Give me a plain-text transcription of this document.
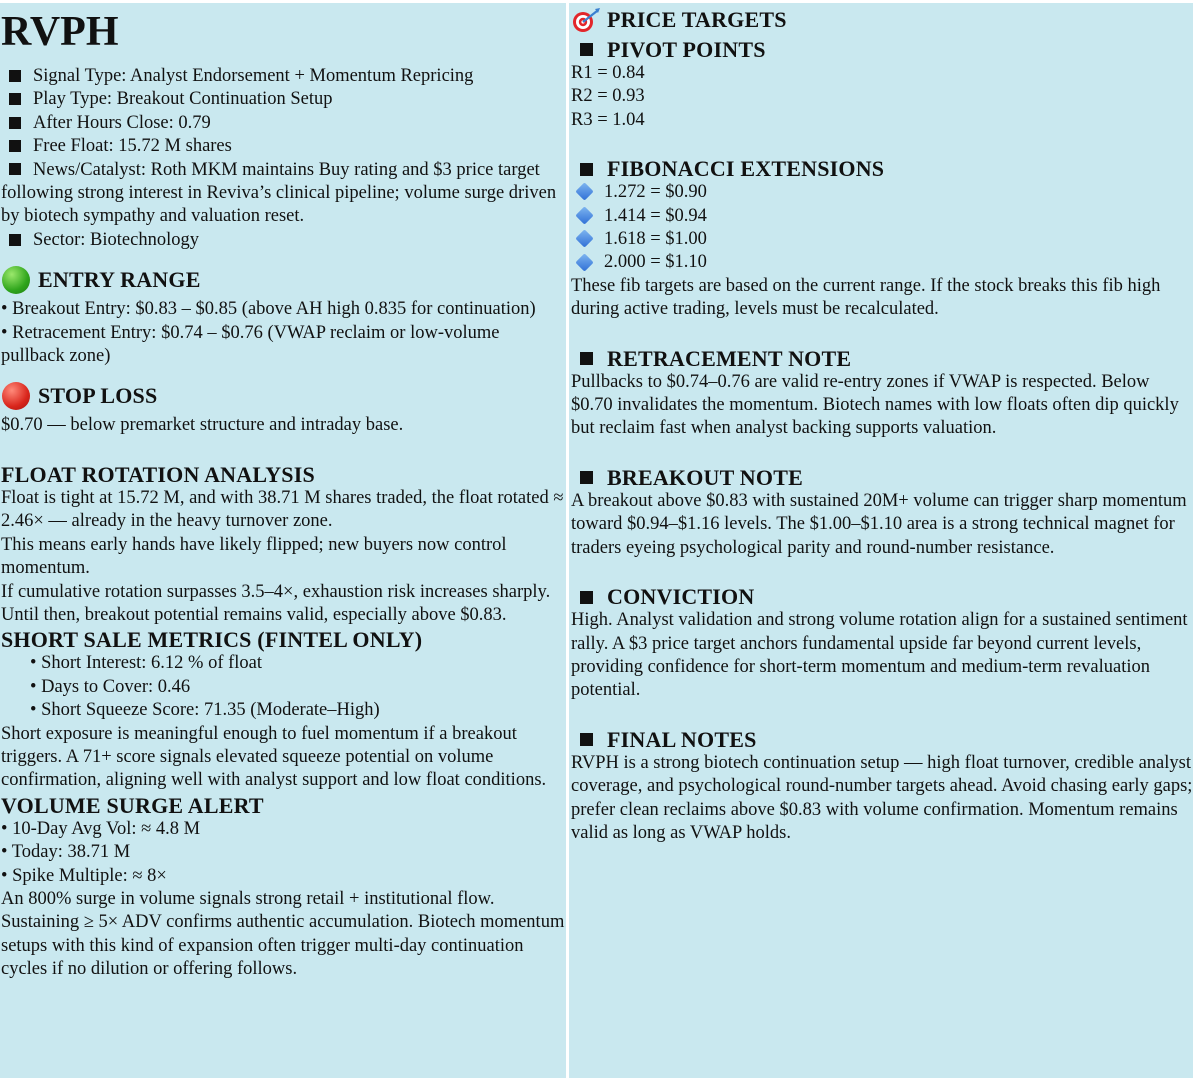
RVPH

Signal Type: Analyst Endorsement + Momentum Repricing

Play Type: Breakout Continuation Setup

After Hours Close: 0.79

Free Float: 15.72 M shares

News/Catalyst: Roth MKM maintains Buy rating and $3 price target following strong interest in Reviva’s clinical pipeline; volume surge driven by biotech sympathy and valuation reset.

Sector: Biotechnology

ENTRY RANGE

• Breakout Entry: $0.83 – $0.85 (above AH high 0.835 for continuation)

• Retracement Entry: $0.74 – $0.76 (VWAP reclaim or low-volume pullback zone)

STOP LOSS

$0.70 — below premarket structure and intraday base.

FLOAT ROTATION ANALYSIS

Float is tight at 15.72 M, and with 38.71 M shares traded, the float rotated ≈ 2.46× — already in the heavy turnover zone.

This means early hands have likely flipped; new buyers now control momentum.

If cumulative rotation surpasses 3.5–4×, exhaustion risk increases sharply. Until then, breakout potential remains valid, especially above $0.83.

SHORT SALE METRICS (FINTEL ONLY)

• Short Interest: 6.12 % of float

• Days to Cover: 0.46

• Short Squeeze Score: 71.35 (Moderate–High)

Short exposure is meaningful enough to fuel momentum if a breakout triggers. A 71+ score signals elevated squeeze potential on volume confirmation, aligning well with analyst support and low float conditions.

VOLUME SURGE ALERT

• 10-Day Avg Vol: ≈ 4.8 M

• Today: 38.71 M

• Spike Multiple: ≈ 8×

An 800% surge in volume signals strong retail + institutional flow. Sustaining ≥ 5× ADV confirms authentic accumulation. Biotech momentum setups with this kind of expansion often trigger multi-day continuation cycles if no dilution or offering follows.

PRICE TARGETS
PIVOT POINTS

R1 = 0.84

R2 = 0.93

R3 = 1.04

FIBONACCI EXTENSIONS

1.272 = $0.90

1.414 = $0.94

1.618 = $1.00

2.000 = $1.10

These fib targets are based on the current range. If the stock breaks this fib high during active trading, levels must be recalculated.

RETRACEMENT NOTE

Pullbacks to $0.74–0.76 are valid re-entry zones if VWAP is respected. Below $0.70 invalidates the momentum. Biotech names with low floats often dip quickly but reclaim fast when analyst backing supports valuation.

BREAKOUT NOTE

A breakout above $0.83 with sustained 20M+ volume can trigger sharp momentum toward $0.94–$1.16 levels. The $1.00–$1.10 area is a strong technical magnet for traders eyeing psychological parity and round-number resistance.

CONVICTION

High. Analyst validation and strong volume rotation align for a sustained sentiment rally. A $3 price target anchors fundamental upside far beyond current levels, providing confidence for short-term momentum and medium-term revaluation potential.

FINAL NOTES

RVPH is a strong biotech continuation setup — high float turnover, credible analyst coverage, and psychological round-number targets ahead. Avoid chasing early gaps; prefer clean reclaims above $0.83 with volume confirmation. Momentum remains valid as long as VWAP holds.
